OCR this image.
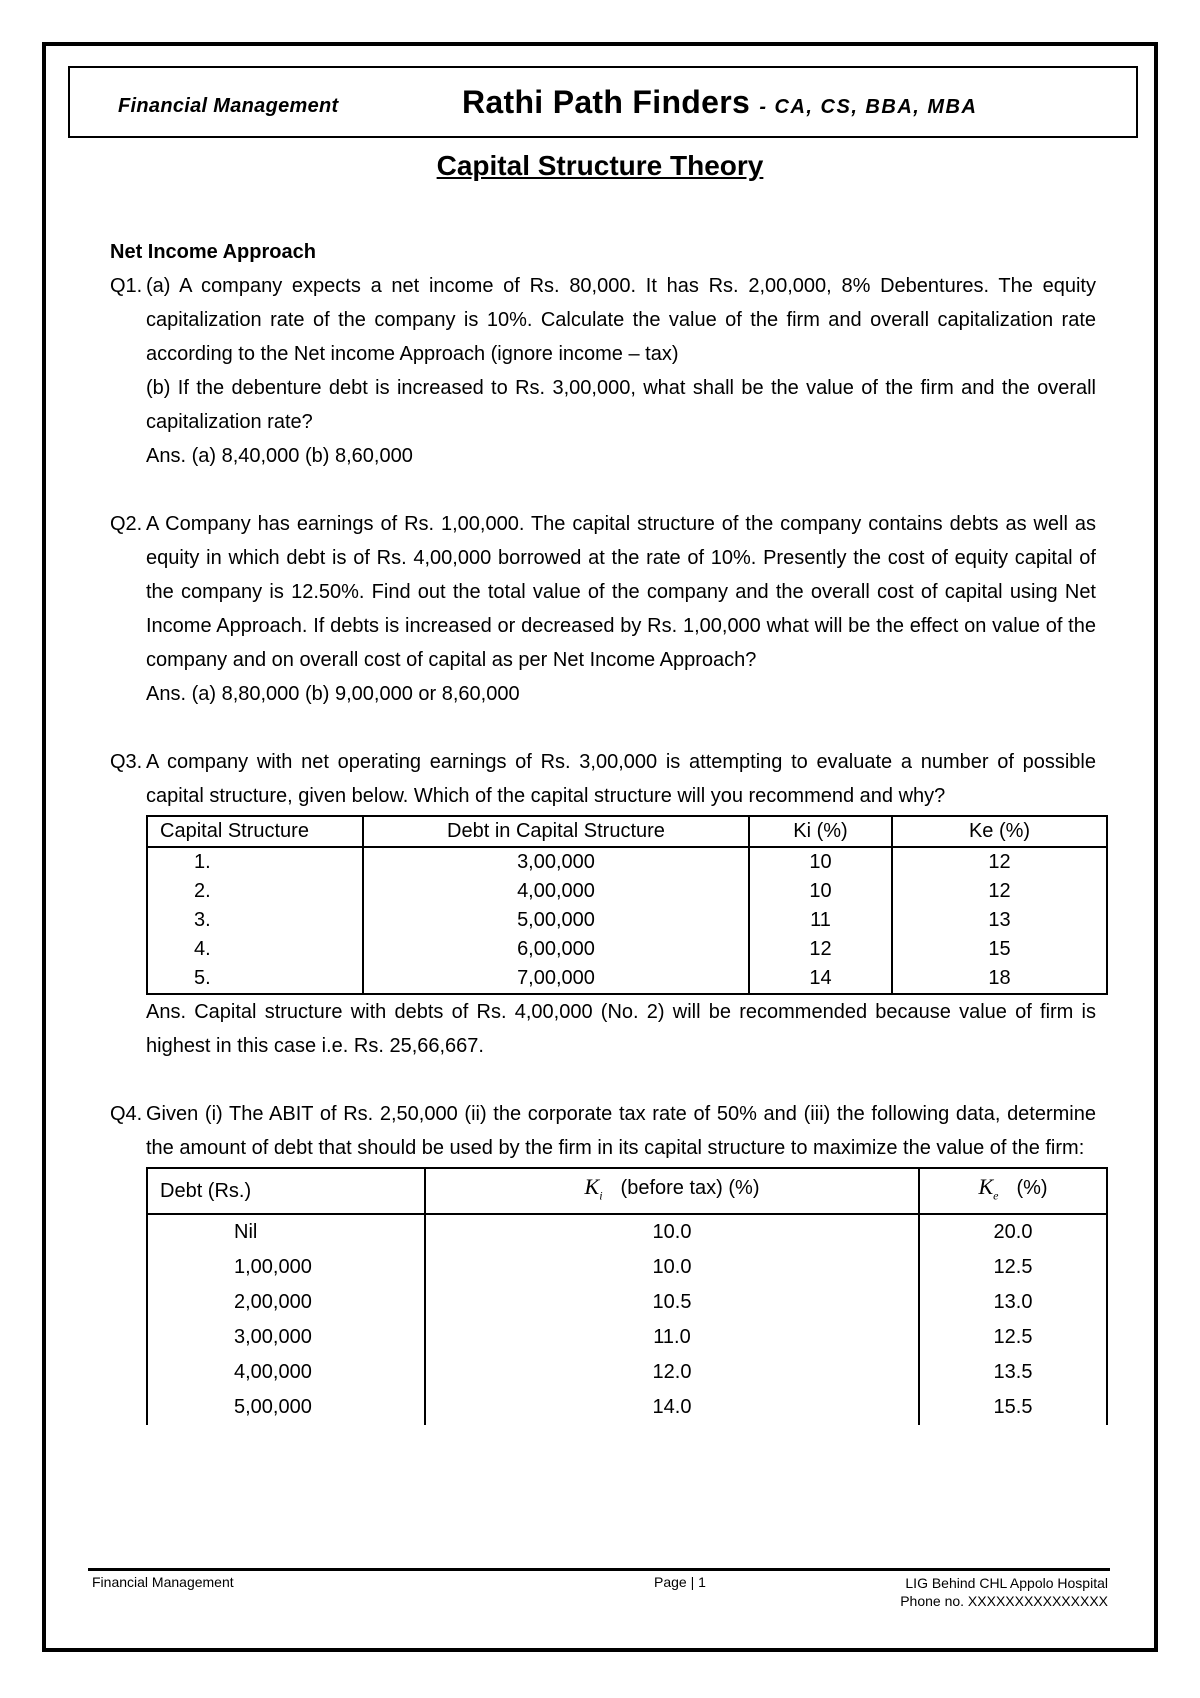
Financial Management	Rathi Path Finders - CA, CS, BBA, MBA
Capital Structure Theory
Net Income Approach
Q1. (a) A company expects a net income of Rs. 80,000. It has Rs. 2,00,000, 8% Debentures. The equity capitalization rate of the company is 10%. Calculate the value of the firm and overall capitalization rate according to the Net income Approach (ignore income – tax)
(b) If the debenture debt is increased to Rs. 3,00,000, what shall be the value of the firm and the overall capitalization rate?
Ans. (a) 8,40,000 (b) 8,60,000
Q2. A Company has earnings of Rs. 1,00,000. The capital structure of the company contains debts as well as equity in which debt is of Rs. 4,00,000 borrowed at the rate of 10%. Presently the cost of equity capital of the company is 12.50%. Find out the total value of the company and the overall cost of capital using Net Income Approach. If debts is increased or decreased by Rs. 1,00,000 what will be the effect on value of the company and on overall cost of capital as per Net Income Approach?
Ans. (a) 8,80,000 (b) 9,00,000 or 8,60,000
Q3. A company with net operating earnings of Rs. 3,00,000 is attempting to evaluate a number of possible capital structure, given below. Which of the capital structure will you recommend and why?
Capital Structure	Debt in Capital Structure	Ki (%)	Ke (%)
1.	3,00,000	10	12
2.	4,00,000	10	12
3.	5,00,000	11	13
4.	6,00,000	12	15
5.	7,00,000	14	18
Ans. Capital structure with debts of Rs. 4,00,000 (No. 2) will be recommended because value of firm is highest in this case i.e. Rs. 25,66,667.
Q4. Given (i) The ABIT of Rs. 2,50,000 (ii) the corporate tax rate of 50% and (iii) the following data, determine the amount of debt that should be used by the firm in its capital structure to maximize the value of the firm:
Debt (Rs.)	$K_i$ (before tax) (%)	$K_e$ (%)
Nil	10.0	20.0
1,00,000	10.0	12.5
2,00,000	10.5	13.0
3,00,000	11.0	12.5
4,00,000	12.0	13.5
5,00,000	14.0	15.5
Financial Management	Page | 1	LIG Behind CHL Appolo Hospital
Phone no. XXXXXXXXXXXXXXX
